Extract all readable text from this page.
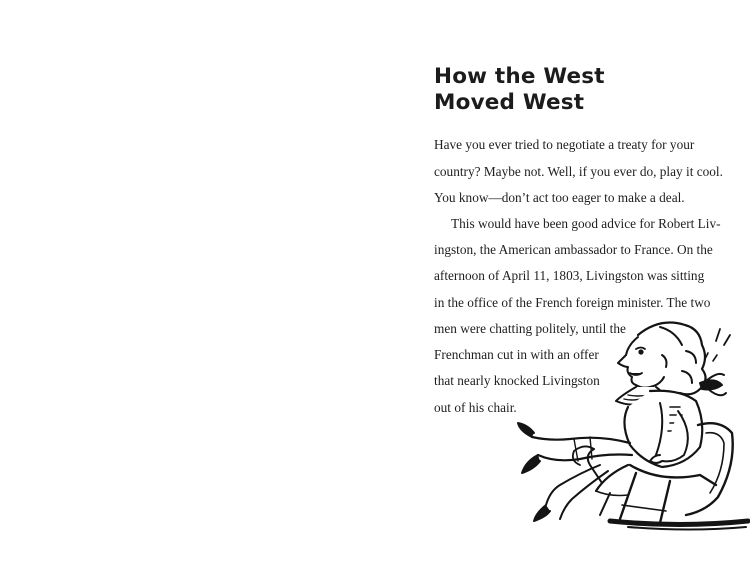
How the West
Moved West
Have you ever tried to negotiate a treaty for your
country? Maybe not. Well, if you ever do, play it cool.
You know—don’t act too eager to make a deal.
This would have been good advice for Robert Liv-
ingston, the American ambassador to France. On the
afternoon of April 11, 1803, Livingston was sitting
in the office of the French foreign minister. The two
men were chatting politely, until the
Frenchman cut in with an offer
that nearly knocked Livingston
out of his chair.
